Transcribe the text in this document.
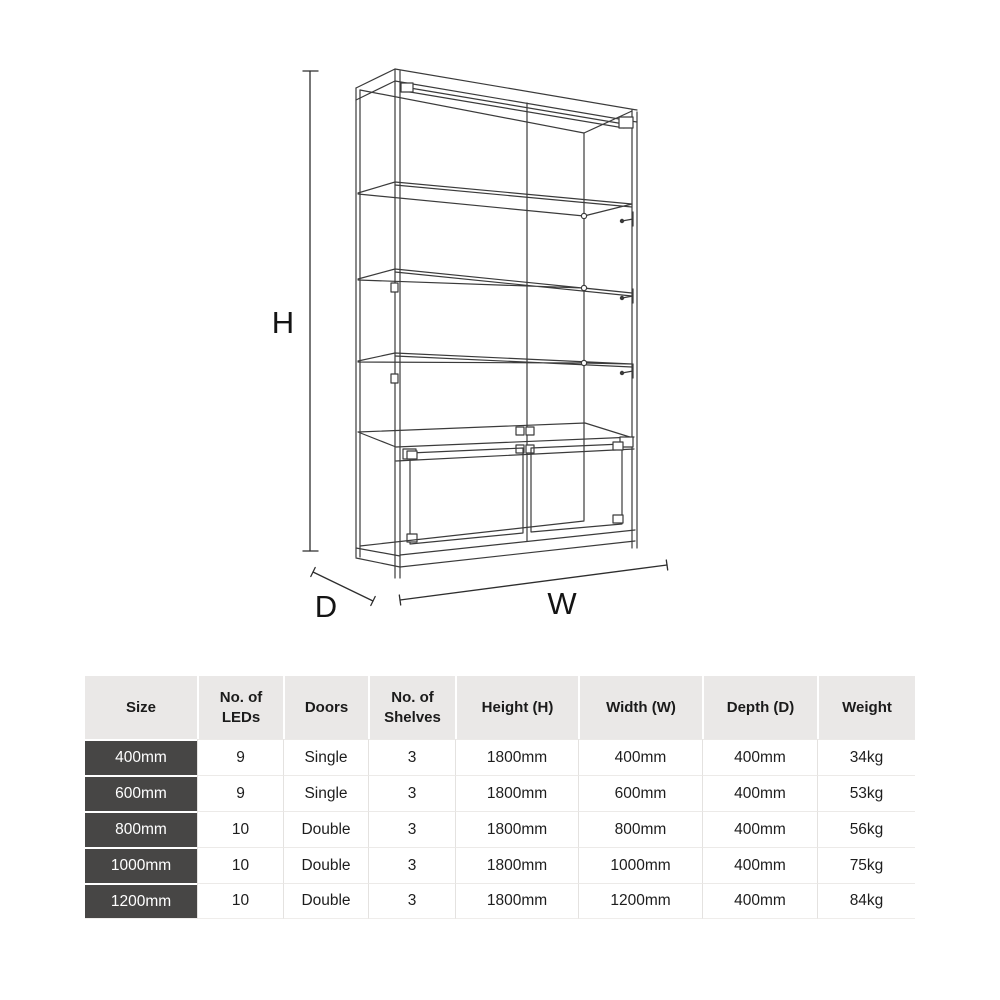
H
D	W
Size	No. of LEDs	Doors	No. of Shelves	Height (H)	Width (W)	Depth (D)	Weight
400mm	9	Single	3	1800mm	400mm	400mm	34kg
600mm	9	Single	3	1800mm	600mm	400mm	53kg
800mm	10	Double	3	1800mm	800mm	400mm	56kg
1000mm	10	Double	3	1800mm	1000mm	400mm	75kg
1200mm	10	Double	3	1800mm	1200mm	400mm	84kg
